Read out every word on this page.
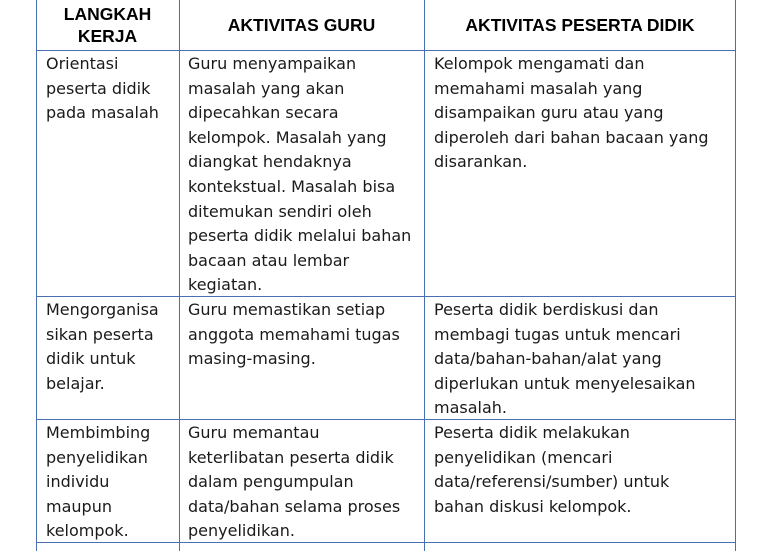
LANGKAH
KERJA
AKTIVITAS GURU	AKTIVITAS PESERTA DIDIK

Orientasi
peserta didik
pada masalah

Guru menyampaikan
masalah yang akan
dipecahkan secara
kelompok. Masalah yang
diangkat hendaknya
kontekstual. Masalah bisa
ditemukan sendiri oleh
peserta didik melalui bahan
bacaan atau lembar
kegiatan.

Kelompok mengamati dan
memahami masalah yang
disampaikan guru atau yang
diperoleh dari bahan bacaan yang
disarankan.

Mengorganisa
sikan peserta
didik untuk
belajar.

Guru memastikan setiap
anggota memahami tugas
masing-masing.

Peserta didik berdiskusi dan
membagi tugas untuk mencari
data/bahan-bahan/alat yang
diperlukan untuk menyelesaikan
masalah.

Membimbing
penyelidikan
individu
maupun
kelompok.

Guru memantau
keterlibatan peserta didik
dalam pengumpulan
data/bahan selama proses
penyelidikan.

Peserta didik melakukan
penyelidikan (mencari
data/referensi/sumber) untuk
bahan diskusi kelompok.
